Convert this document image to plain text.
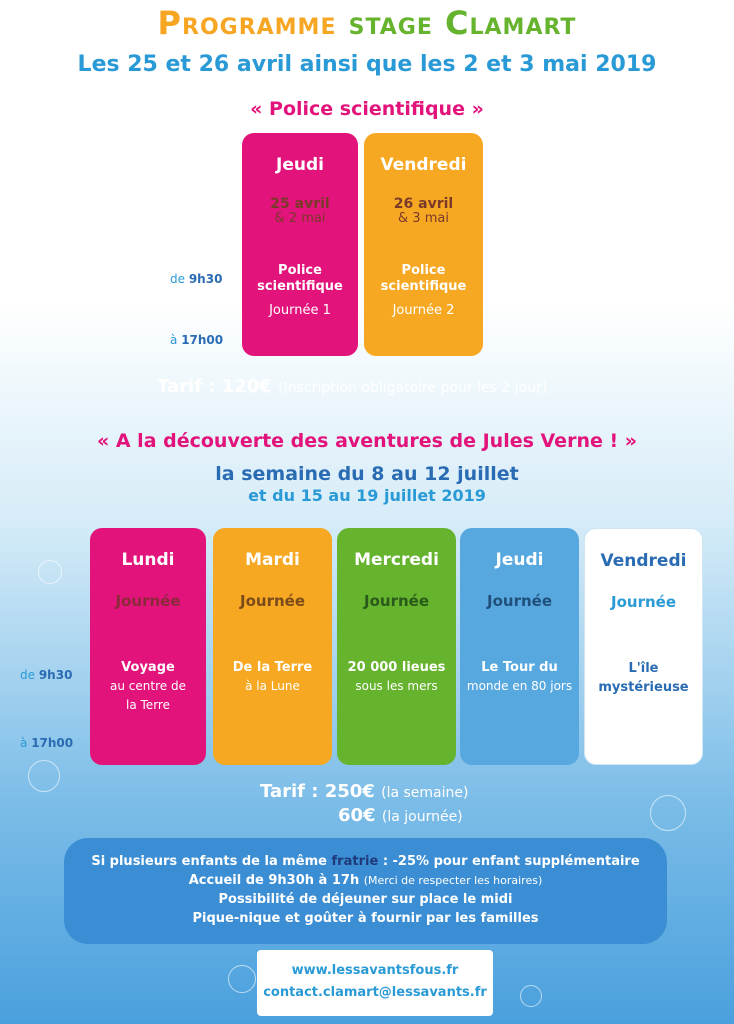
Programme stage Clamart
Les 25 et 26 avril ainsi que les 2 et 3 mai 2019
« Police scientifique »
Jeudi
25 avril
& 2 mai
Police scientifique
Journée 1
Vendredi
26 avril
& 3 mai
Police scientifique
Journée 2
de 9h30
à 17h00
Tarif : 120€ (Inscription obligatoire pour les 2 jour)
« A la découverte des aventures de Jules Verne ! »
la semaine du 8 au 12 juillet
et du 15 au 19 juillet 2019
Lundi
Journée
Voyage
au centre de
la Terre
Mardi
Journée
De la Terre
à la Lune
Mercredi
Journée
20 000 lieues
sous les mers
Jeudi
Journée
Le Tour du
monde en 80 jors
Vendredi
Journée
L'île mystérieuse
de 9h30
à 17h00
Tarif : 250€ (la semaine)
60€ (la journée)
Si plusieurs enfants de la même fratrie : -25% pour enfant supplémentaire
Accueil de 9h30h à 17h (Merci de respecter les horaires)
Possibilité de déjeuner sur place le midi
Pique-nique et goûter à fournir par les familles
www.lessavantsfous.fr
contact.clamart@lessavants.fr
